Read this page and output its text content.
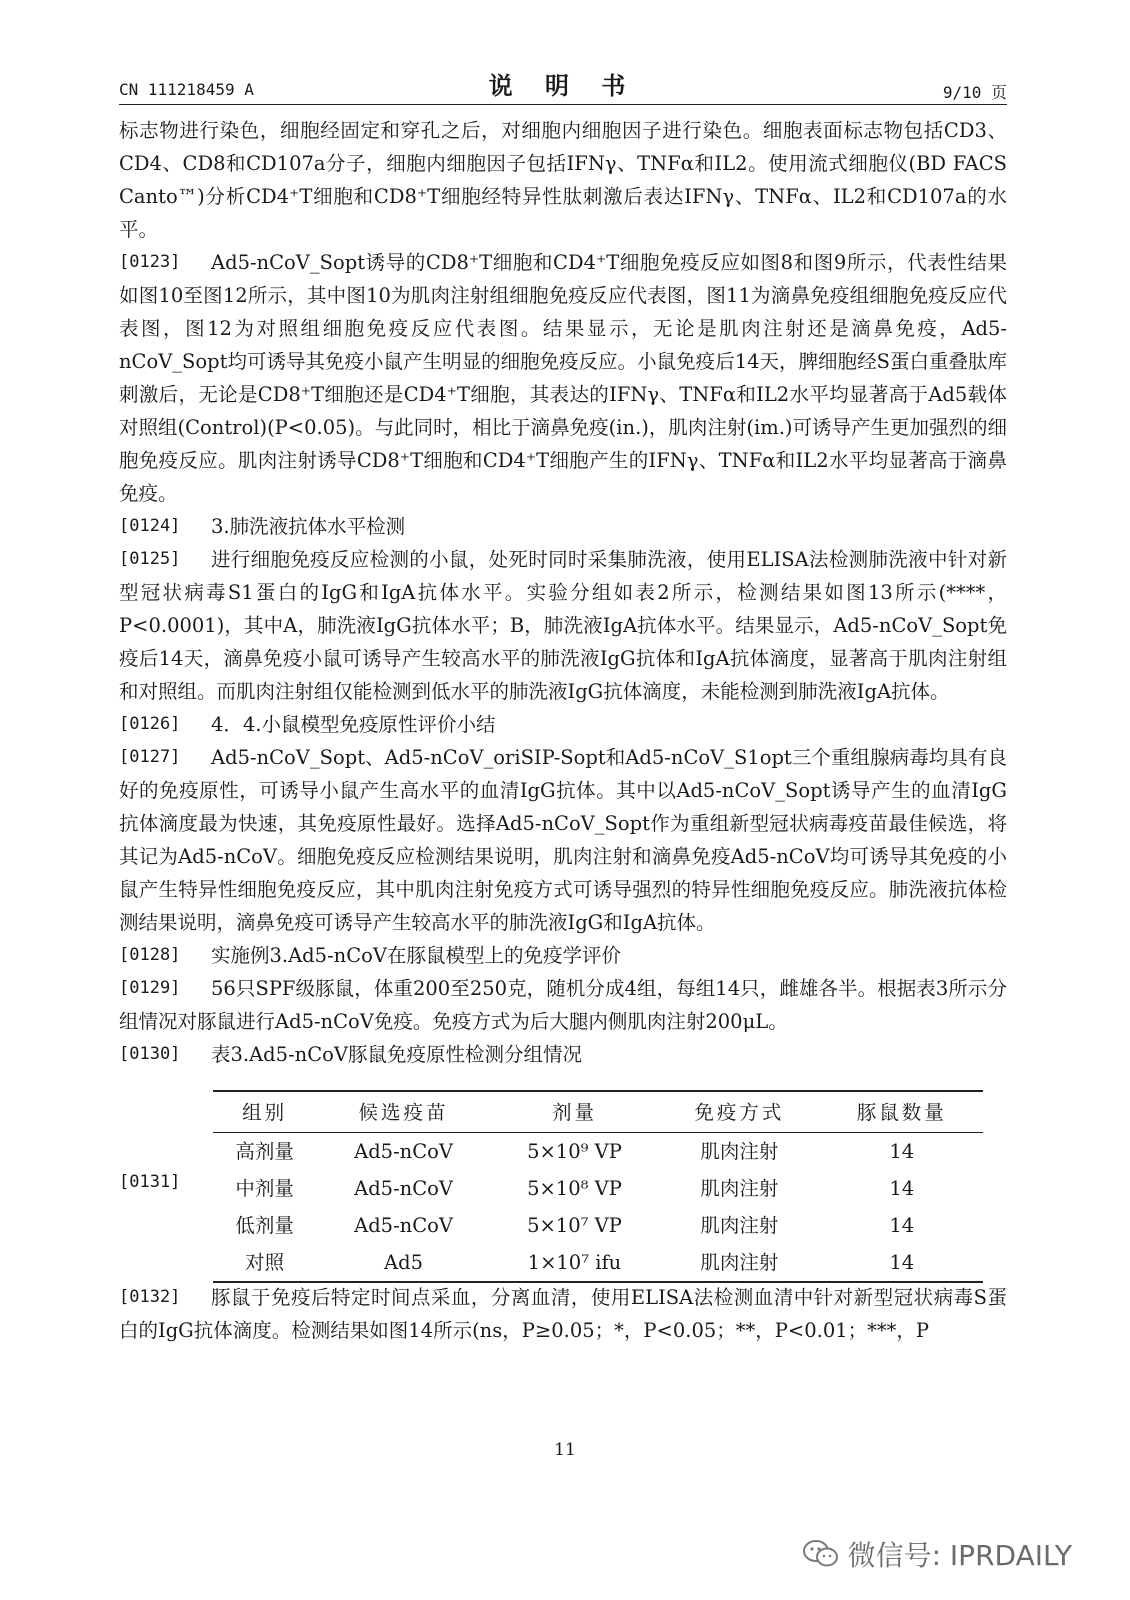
CN 111218459 A	说 明 书	9/10 页

标志物进行染色，细胞经固定和穿孔之后，对细胞内细胞因子进行染色。细胞表面标志物包括CD3、CD4、CD8和CD107a分子，细胞内细胞因子包括IFNγ、TNFα和IL2。使用流式细胞仪(BD FACS Canto™)分析CD4⁺T细胞和CD8⁺T细胞经特异性肽刺激后表达IFNγ、TNFα、IL2和CD107a的水平。

[0123]	Ad5-nCoV_Sopt诱导的CD8⁺T细胞和CD4⁺T细胞免疫反应如图8和图9所示，代表性结果如图10至图12所示，其中图10为肌肉注射组细胞免疫反应代表图，图11为滴鼻免疫组细胞免疫反应代表图，图12为对照组细胞免疫反应代表图。结果显示，无论是肌肉注射还是滴鼻免疫，Ad5-nCoV_Sopt均可诱导其免疫小鼠产生明显的细胞免疫反应。小鼠免疫后14天，脾细胞经S蛋白重叠肽库刺激后，无论是CD8⁺T细胞还是CD4⁺T细胞，其表达的IFNγ、TNFα和IL2水平均显著高于Ad5载体对照组(Control)(P<0.05)。与此同时，相比于滴鼻免疫(in.)，肌肉注射(im.)可诱导产生更加强烈的细胞免疫反应。肌肉注射诱导CD8⁺T细胞和CD4⁺T细胞产生的IFNγ、TNFα和IL2水平均显著高于滴鼻免疫。

[0124]	3.肺洗液抗体水平检测

[0125]	进行细胞免疫反应检测的小鼠，处死时同时采集肺洗液，使用ELISA法检测肺洗液中针对新型冠状病毒S1蛋白的IgG和IgA抗体水平。实验分组如表2所示，检测结果如图13所示(****，P<0.0001)，其中A，肺洗液IgG抗体水平；B，肺洗液IgA抗体水平。结果显示，Ad5-nCoV_Sopt免疫后14天，滴鼻免疫小鼠可诱导产生较高水平的肺洗液IgG抗体和IgA抗体滴度，显著高于肌肉注射组和对照组。而肌肉注射组仅能检测到低水平的肺洗液IgG抗体滴度，未能检测到肺洗液IgA抗体。

[0126]	4．4.小鼠模型免疫原性评价小结

[0127]	Ad5-nCoV_Sopt、Ad5-nCoV_oriSIP-Sopt和Ad5-nCoV_S1opt三个重组腺病毒均具有良好的免疫原性，可诱导小鼠产生高水平的血清IgG抗体。其中以Ad5-nCoV_Sopt诱导产生的血清IgG抗体滴度最为快速，其免疫原性最好。选择Ad5-nCoV_Sopt作为重组新型冠状病毒疫苗最佳候选，将其记为Ad5-nCoV。细胞免疫反应检测结果说明，肌肉注射和滴鼻免疫Ad5-nCoV均可诱导其免疫的小鼠产生特异性细胞免疫反应，其中肌肉注射免疫方式可诱导强烈的特异性细胞免疫反应。肺洗液抗体检测结果说明，滴鼻免疫可诱导产生较高水平的肺洗液IgG和IgA抗体。

[0128]	实施例3.Ad5-nCoV在豚鼠模型上的免疫学评价

[0129]	56只SPF级豚鼠，体重200至250克，随机分成4组，每组14只，雌雄各半。根据表3所示分组情况对豚鼠进行Ad5-nCoV免疫。免疫方式为后大腿内侧肌肉注射200μL。

[0130]	表3.Ad5-nCoV豚鼠免疫原性检测分组情况

[0131]
组别	候选疫苗	剂量	免疫方式	豚鼠数量
高剂量	Ad5-nCoV	5×10⁹ VP	肌肉注射	14
中剂量	Ad5-nCoV	5×10⁸ VP	肌肉注射	14
低剂量	Ad5-nCoV	5×10⁷ VP	肌肉注射	14
对照	Ad5	1×10⁷ ifu	肌肉注射	14
[0132]	豚鼠于免疫后特定时间点采血，分离血清，使用ELISA法检测血清中针对新型冠状病毒S蛋白的IgG抗体滴度。检测结果如图14所示(ns，P≥0.05；*，P<0.05；**，P<0.01；***，P

11
微信号: IPRDAILY
